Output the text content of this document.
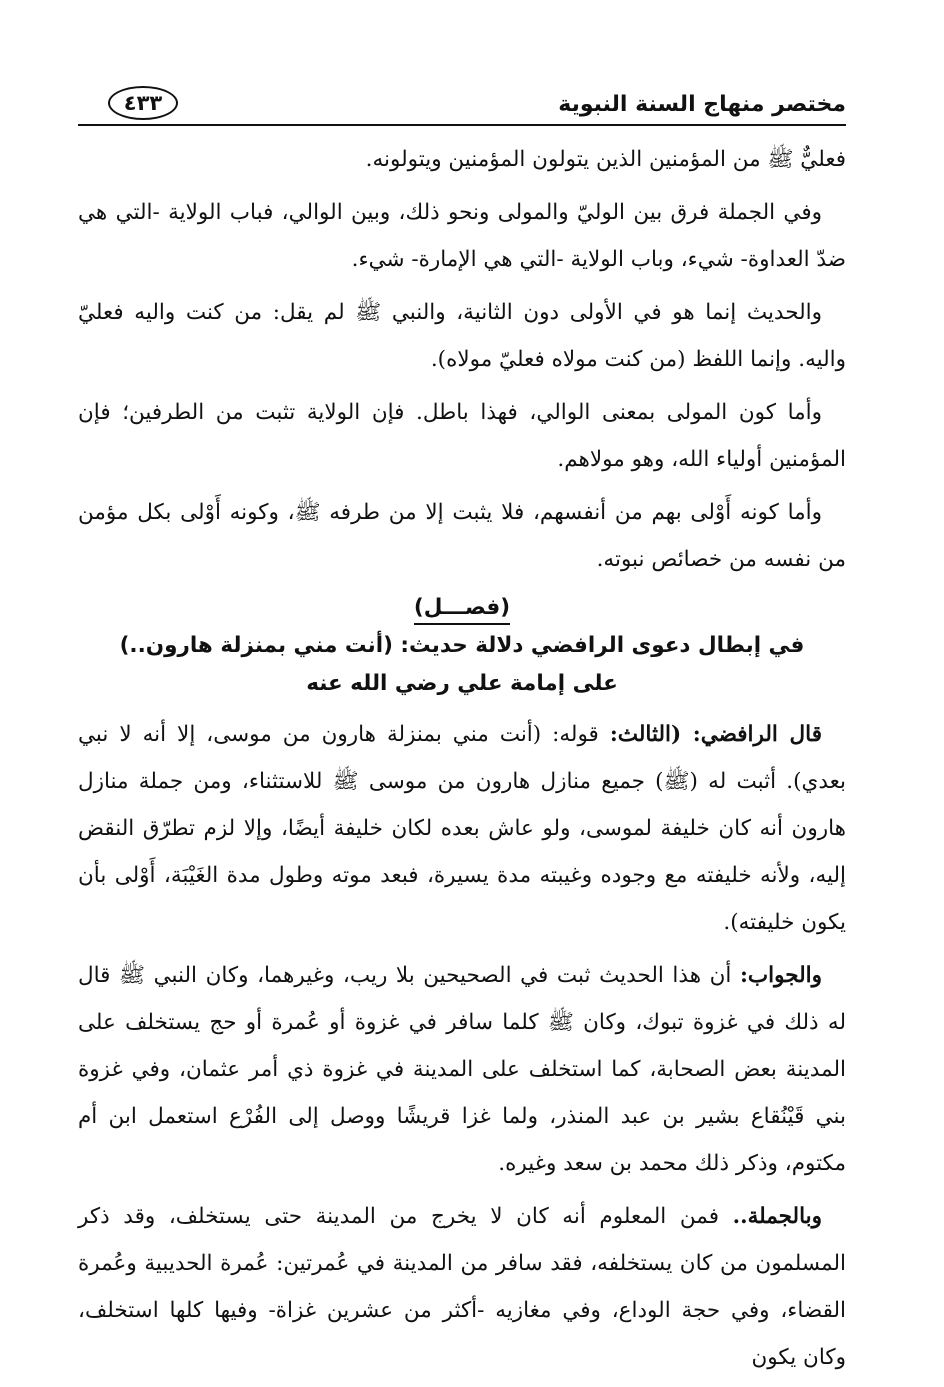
مختصر منهاج السنة النبوية
٤٣٣

فعليٌّ ﷺ من المؤمنين الذين يتولون المؤمنين ويتولونه.

وفي الجملة فرق بين الوليّ والمولى ونحو ذلك، وبين الوالي، فباب الولاية -التي هي ضدّ العداوة- شيء، وباب الولاية -التي هي الإمارة- شيء.

والحديث إنما هو في الأولى دون الثانية، والنبي ﷺ لم يقل: من كنت واليه فعليّ واليه. وإنما اللفظ (من كنت مولاه فعليّ مولاه).

وأما كون المولى بمعنى الوالي، فهذا باطل. فإن الولاية تثبت من الطرفين؛ فإن المؤمنين أولياء الله، وهو مولاهم.

وأما كونه أَوْلى بهم من أنفسهم، فلا يثبت إلا من طرفه ﷺ، وكونه أَوْلى بكل مؤمن من نفسه من خصائص نبوته.

(فصـــل)
في إبطال دعوى الرافضي دلالة حديث: (أنت مني بمنزلة هارون..)
على إمامة علي رضي الله عنه

قال الرافضي: (الثالث: قوله: (أنت مني بمنزلة هارون من موسى، إلا أنه لا نبي بعدي). أثبت له (ﷺ) جميع منازل هارون من موسى ﷺ للاستثناء، ومن جملة منازل هارون أنه كان خليفة لموسى، ولو عاش بعده لكان خليفة أيضًا، وإلا لزم تطرّق النقض إليه، ولأنه خليفته مع وجوده وغيبته مدة يسيرة، فبعد موته وطول مدة الغَيْبَة، أَوْلى بأن يكون خليفته).

والجواب: أن هذا الحديث ثبت في الصحيحين بلا ريب، وغيرهما، وكان النبي ﷺ قال له ذلك في غزوة تبوك، وكان ﷺ كلما سافر في غزوة أو عُمرة أو حج يستخلف على المدينة بعض الصحابة، كما استخلف على المدينة في غزوة ذي أمر عثمان، وفي غزوة بني قَيْنُقاع بشير بن عبد المنذر، ولما غزا قريشًا ووصل إلى الفُرْع استعمل ابن أم مكتوم، وذكر ذلك محمد بن سعد وغيره.

وبالجملة.. فمن المعلوم أنه كان لا يخرج من المدينة حتى يستخلف، وقد ذكر المسلمون من كان يستخلفه، فقد سافر من المدينة في عُمرتين: عُمرة الحديبية وعُمرة القضاء، وفي حجة الوداع، وفي مغازيه -أكثر من عشرين غزاة- وفيها كلها استخلف، وكان يكون
